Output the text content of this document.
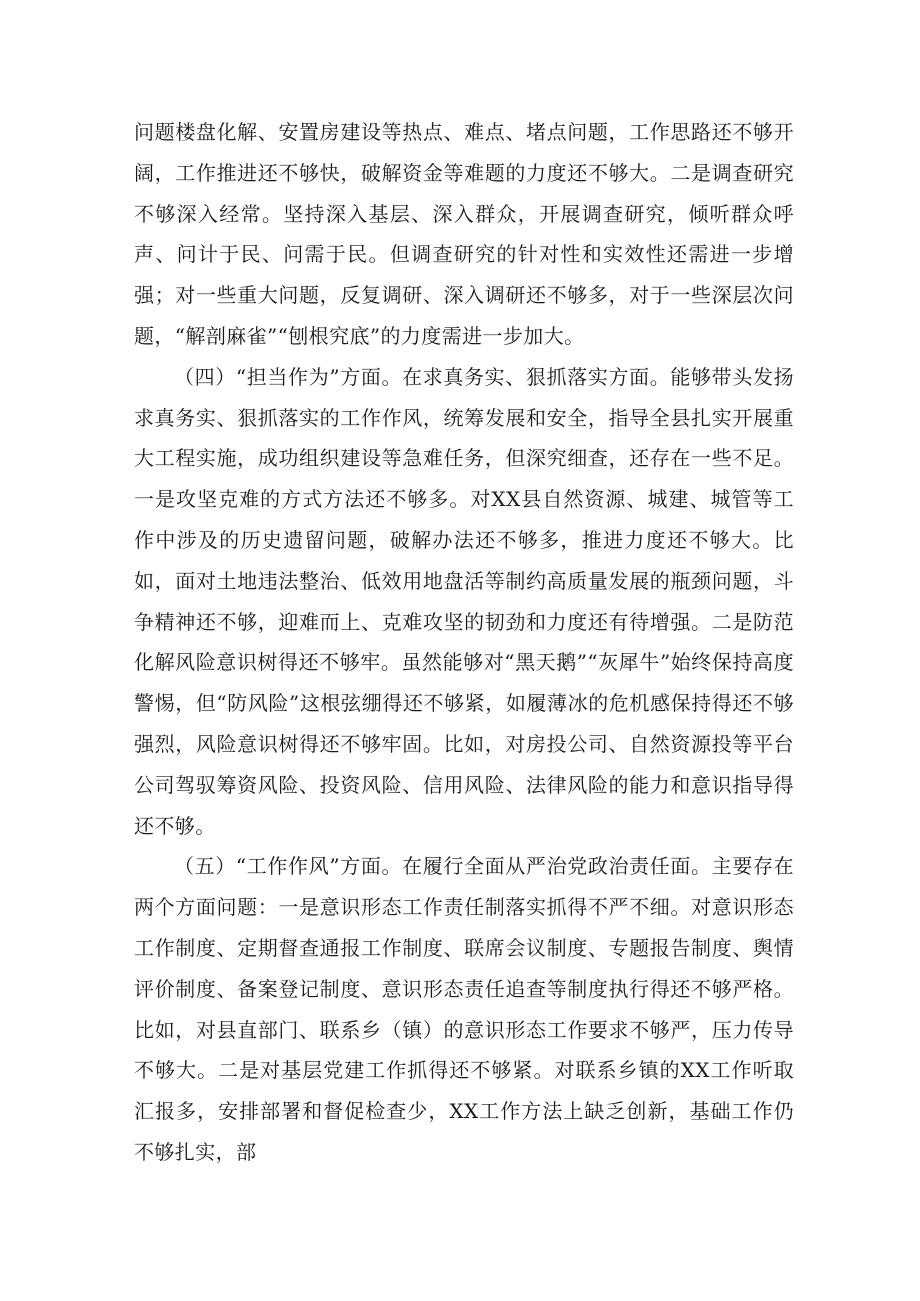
问题楼盘化解、安置房建设等热点、难点、堵点问题，工作思路还不够开阔，工作推进还不够快，破解资金等难题的力度还不够大。二是调查研究不够深入经常。坚持深入基层、深入群众，开展调查研究，倾听群众呼声、问计于民、问需于民。但调查研究的针对性和实效性还需进一步增强；对一些重大问题，反复调研、深入调研还不够多，对于一些深层次问题，“解剖麻雀”“刨根究底”的力度需进一步加大。

（四）“担当作为”方面。在求真务实、狠抓落实方面。能够带头发扬求真务实、狠抓落实的工作作风，统筹发展和安全，指导全县扎实开展重大工程实施，成功组织建设等急难任务，但深究细查，还存在一些不足。一是攻坚克难的方式方法还不够多。对XX县自然资源、城建、城管等工作中涉及的历史遗留问题，破解办法还不够多，推进力度还不够大。比如，面对土地违法整治、低效用地盘活等制约高质量发展的瓶颈问题，斗争精神还不够，迎难而上、克难攻坚的韧劲和力度还有待增强。二是防范化解风险意识树得还不够牢。虽然能够对“黑天鹅”“灰犀牛”始终保持高度警惕，但“防风险”这根弦绷得还不够紧，如履薄冰的危机感保持得还不够强烈，风险意识树得还不够牢固。比如，对房投公司、自然资源投等平台公司驾驭筹资风险、投资风险、信用风险、法律风险的能力和意识指导得还不够。

（五）“工作作风”方面。在履行全面从严治党政治责任面。主要存在两个方面问题：一是意识形态工作责任制落实抓得不严不细。对意识形态工作制度、定期督查通报工作制度、联席会议制度、专题报告制度、舆情评价制度、备案登记制度、意识形态责任追查等制度执行得还不够严格。比如，对县直部门、联系乡（镇）的意识形态工作要求不够严，压力传导不够大。二是对基层党建工作抓得还不够紧。对联系乡镇的XX工作听取汇报多，安排部署和督促检查少，XX工作方法上缺乏创新，基础工作仍不够扎实，部
